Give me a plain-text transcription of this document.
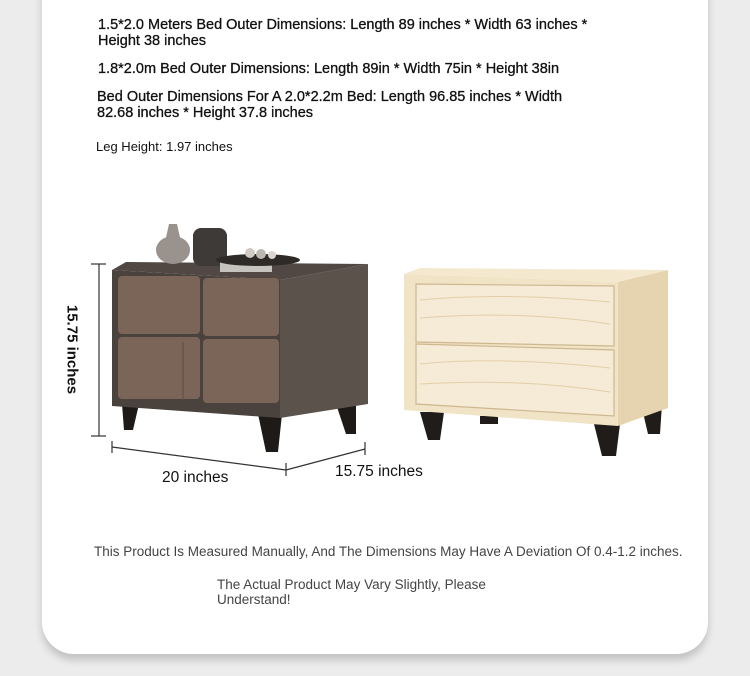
1.5*2.0 Meters Bed Outer Dimensions: Length 89 inches * Width 63 inches * Height 38 inches
1.8*2.0m Bed Outer Dimensions: Length 89in * Width 75in * Height 38in
Bed Outer Dimensions For A 2.0*2.2m Bed: Length 96.85 inches * Width 82.68 inches * Height 37.8 inches
Leg Height: 1.97 inches
15.75 inches
20 inches	15.75 inches
This Product Is Measured Manually, And The Dimensions May Have A Deviation Of 0.4-1.2 inches.
The Actual Product May Vary Slightly, Please Understand!
